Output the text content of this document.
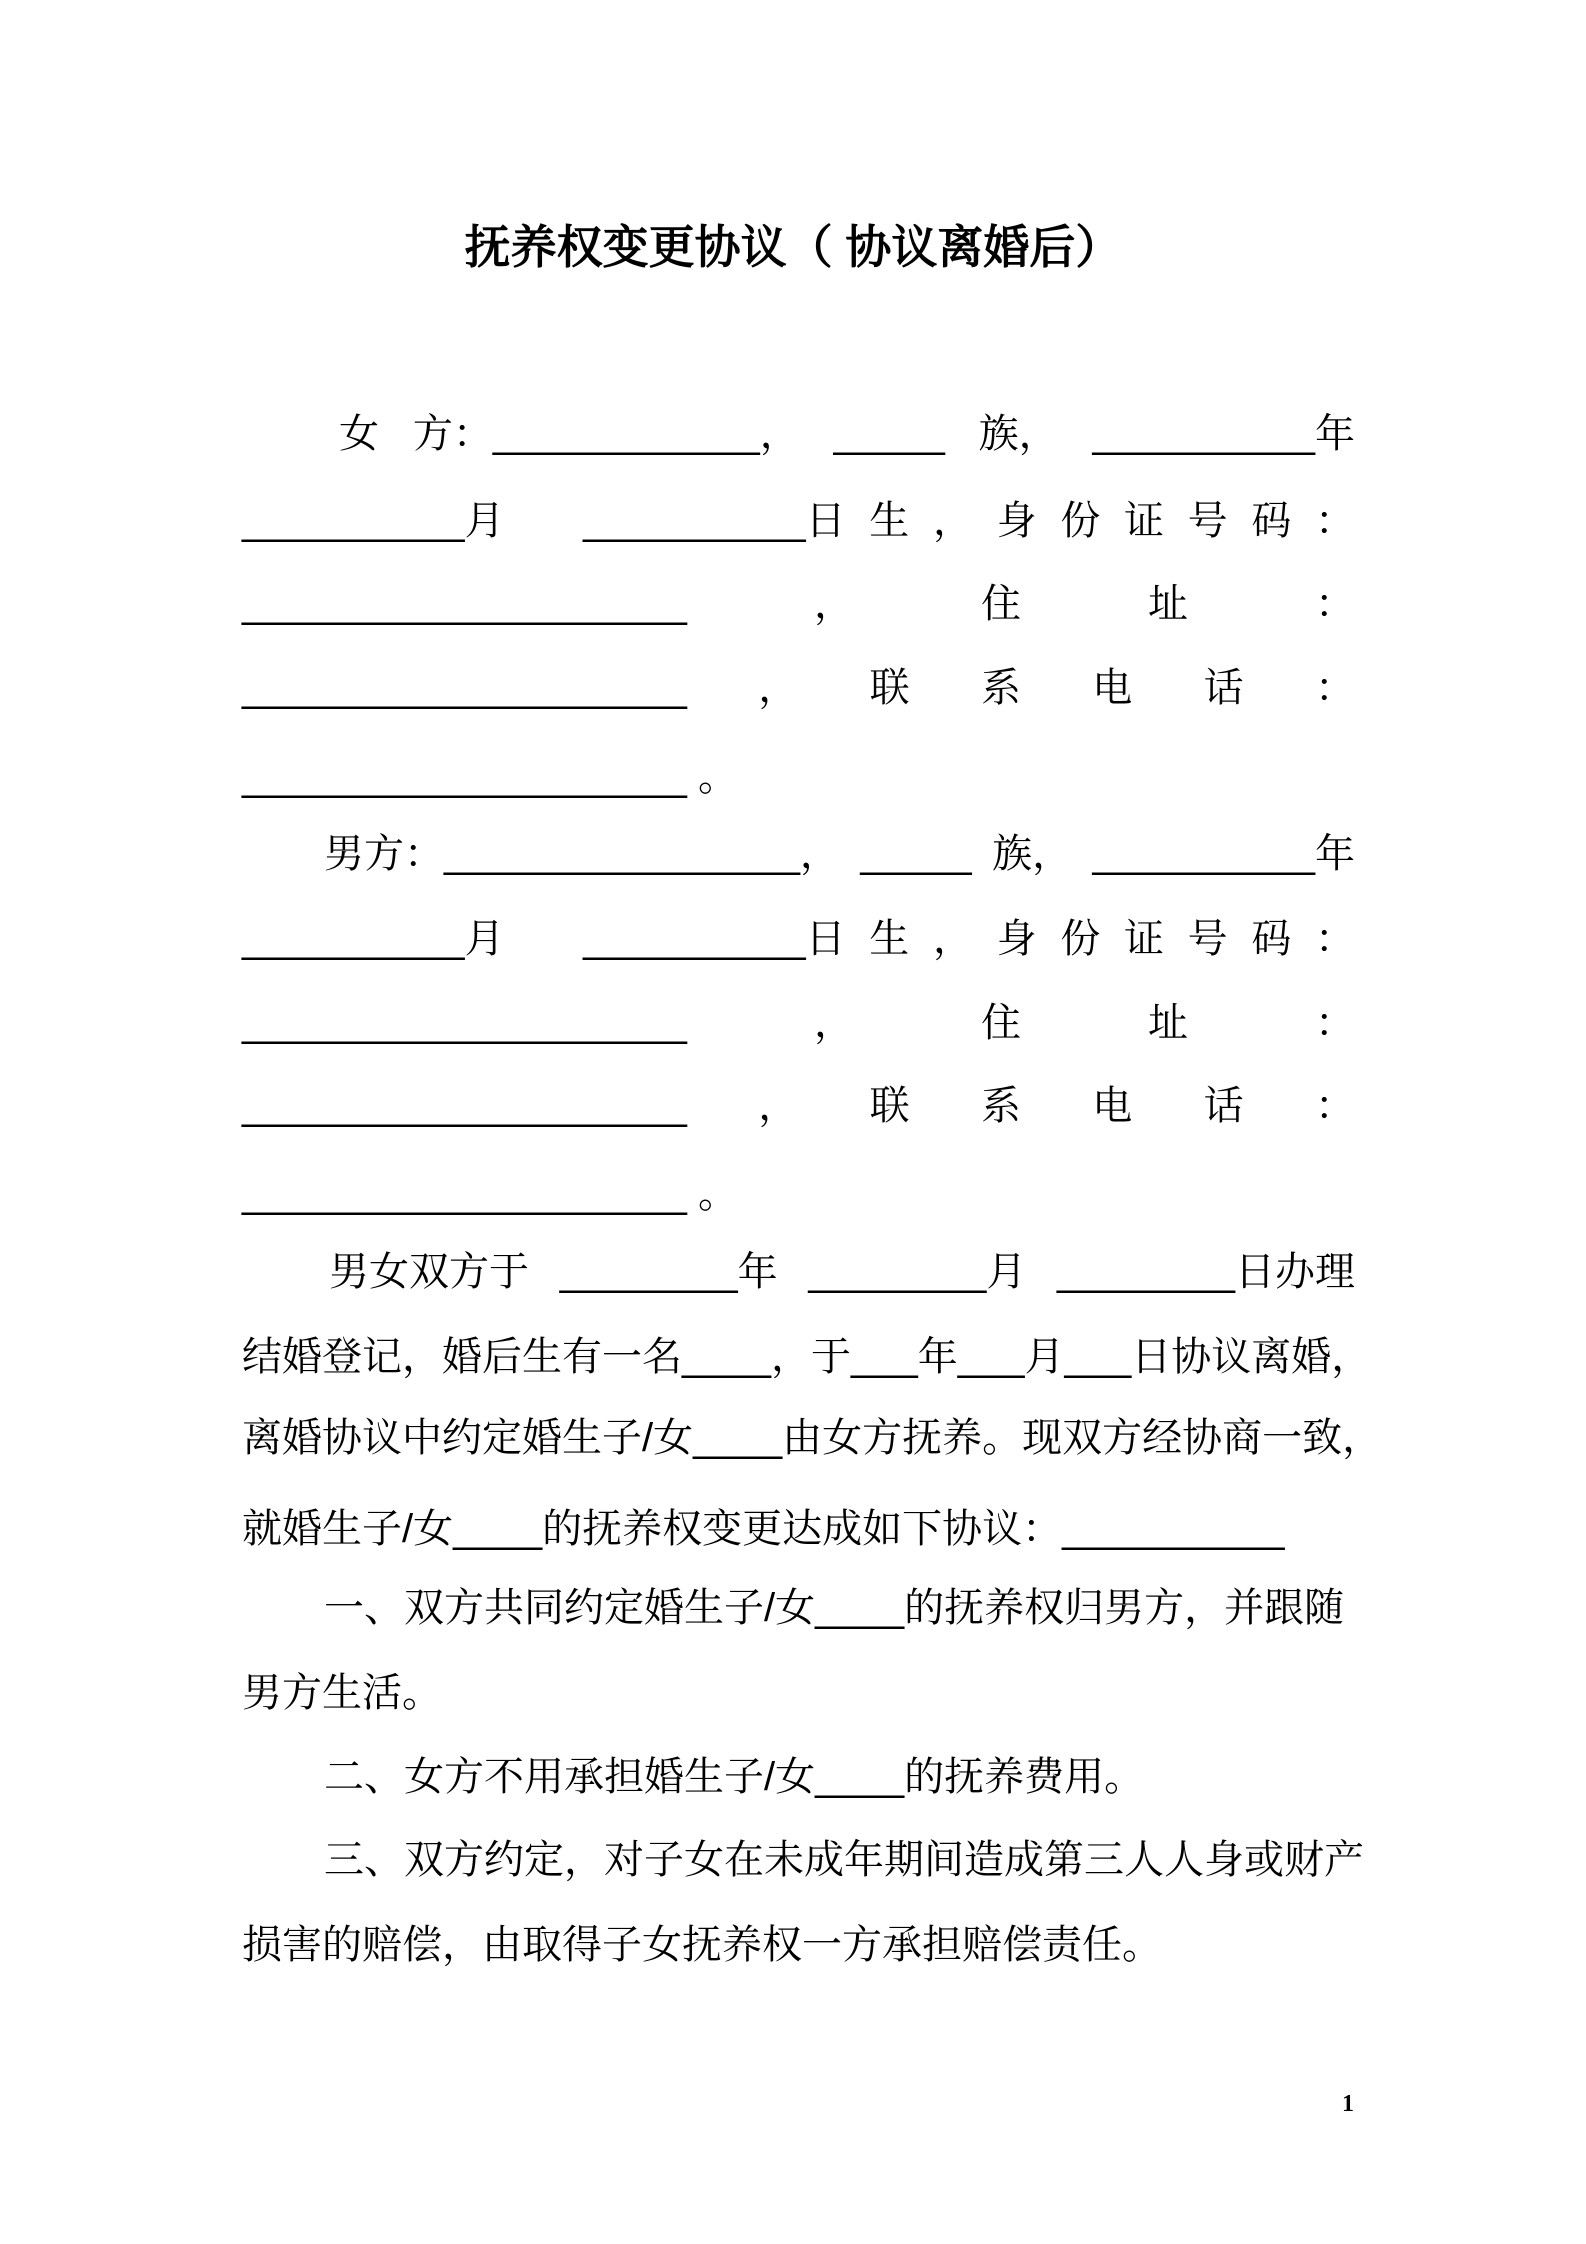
抚养权变更协议（ 协议离婚后）
女 方：____________， _____ 族， __________年
__________月 __________日 生 ， 身 份 证 号 码 ：
____________________	，	住	址	：
____________________ ， 联 系 电 话 ：
____________________ 。
男方：________________， _____ 族， __________年
__________月 __________日 生 ， 身 份 证 号 码 ：
____________________	，	住	址	：
____________________ ， 联 系 电 话 ：
____________________ 。
男女双方于 ________年 ________月 ________日办理
结婚登记，婚后生有一名____，于___年___月___日协议离婚，
离婚协议中约定婚生子/女____由女方抚养。现双方经协商一致，
就婚生子/女____的抚养权变更达成如下协议：__________
一、双方共同约定婚生子/女____的抚养权归男方，并跟随
男方生活。
二、女方不用承担婚生子/女____的抚养费用。
三、双方约定，对子女在未成年期间造成第三人人身或财产
损害的赔偿，由取得子女抚养权一方承担赔偿责任。
1
